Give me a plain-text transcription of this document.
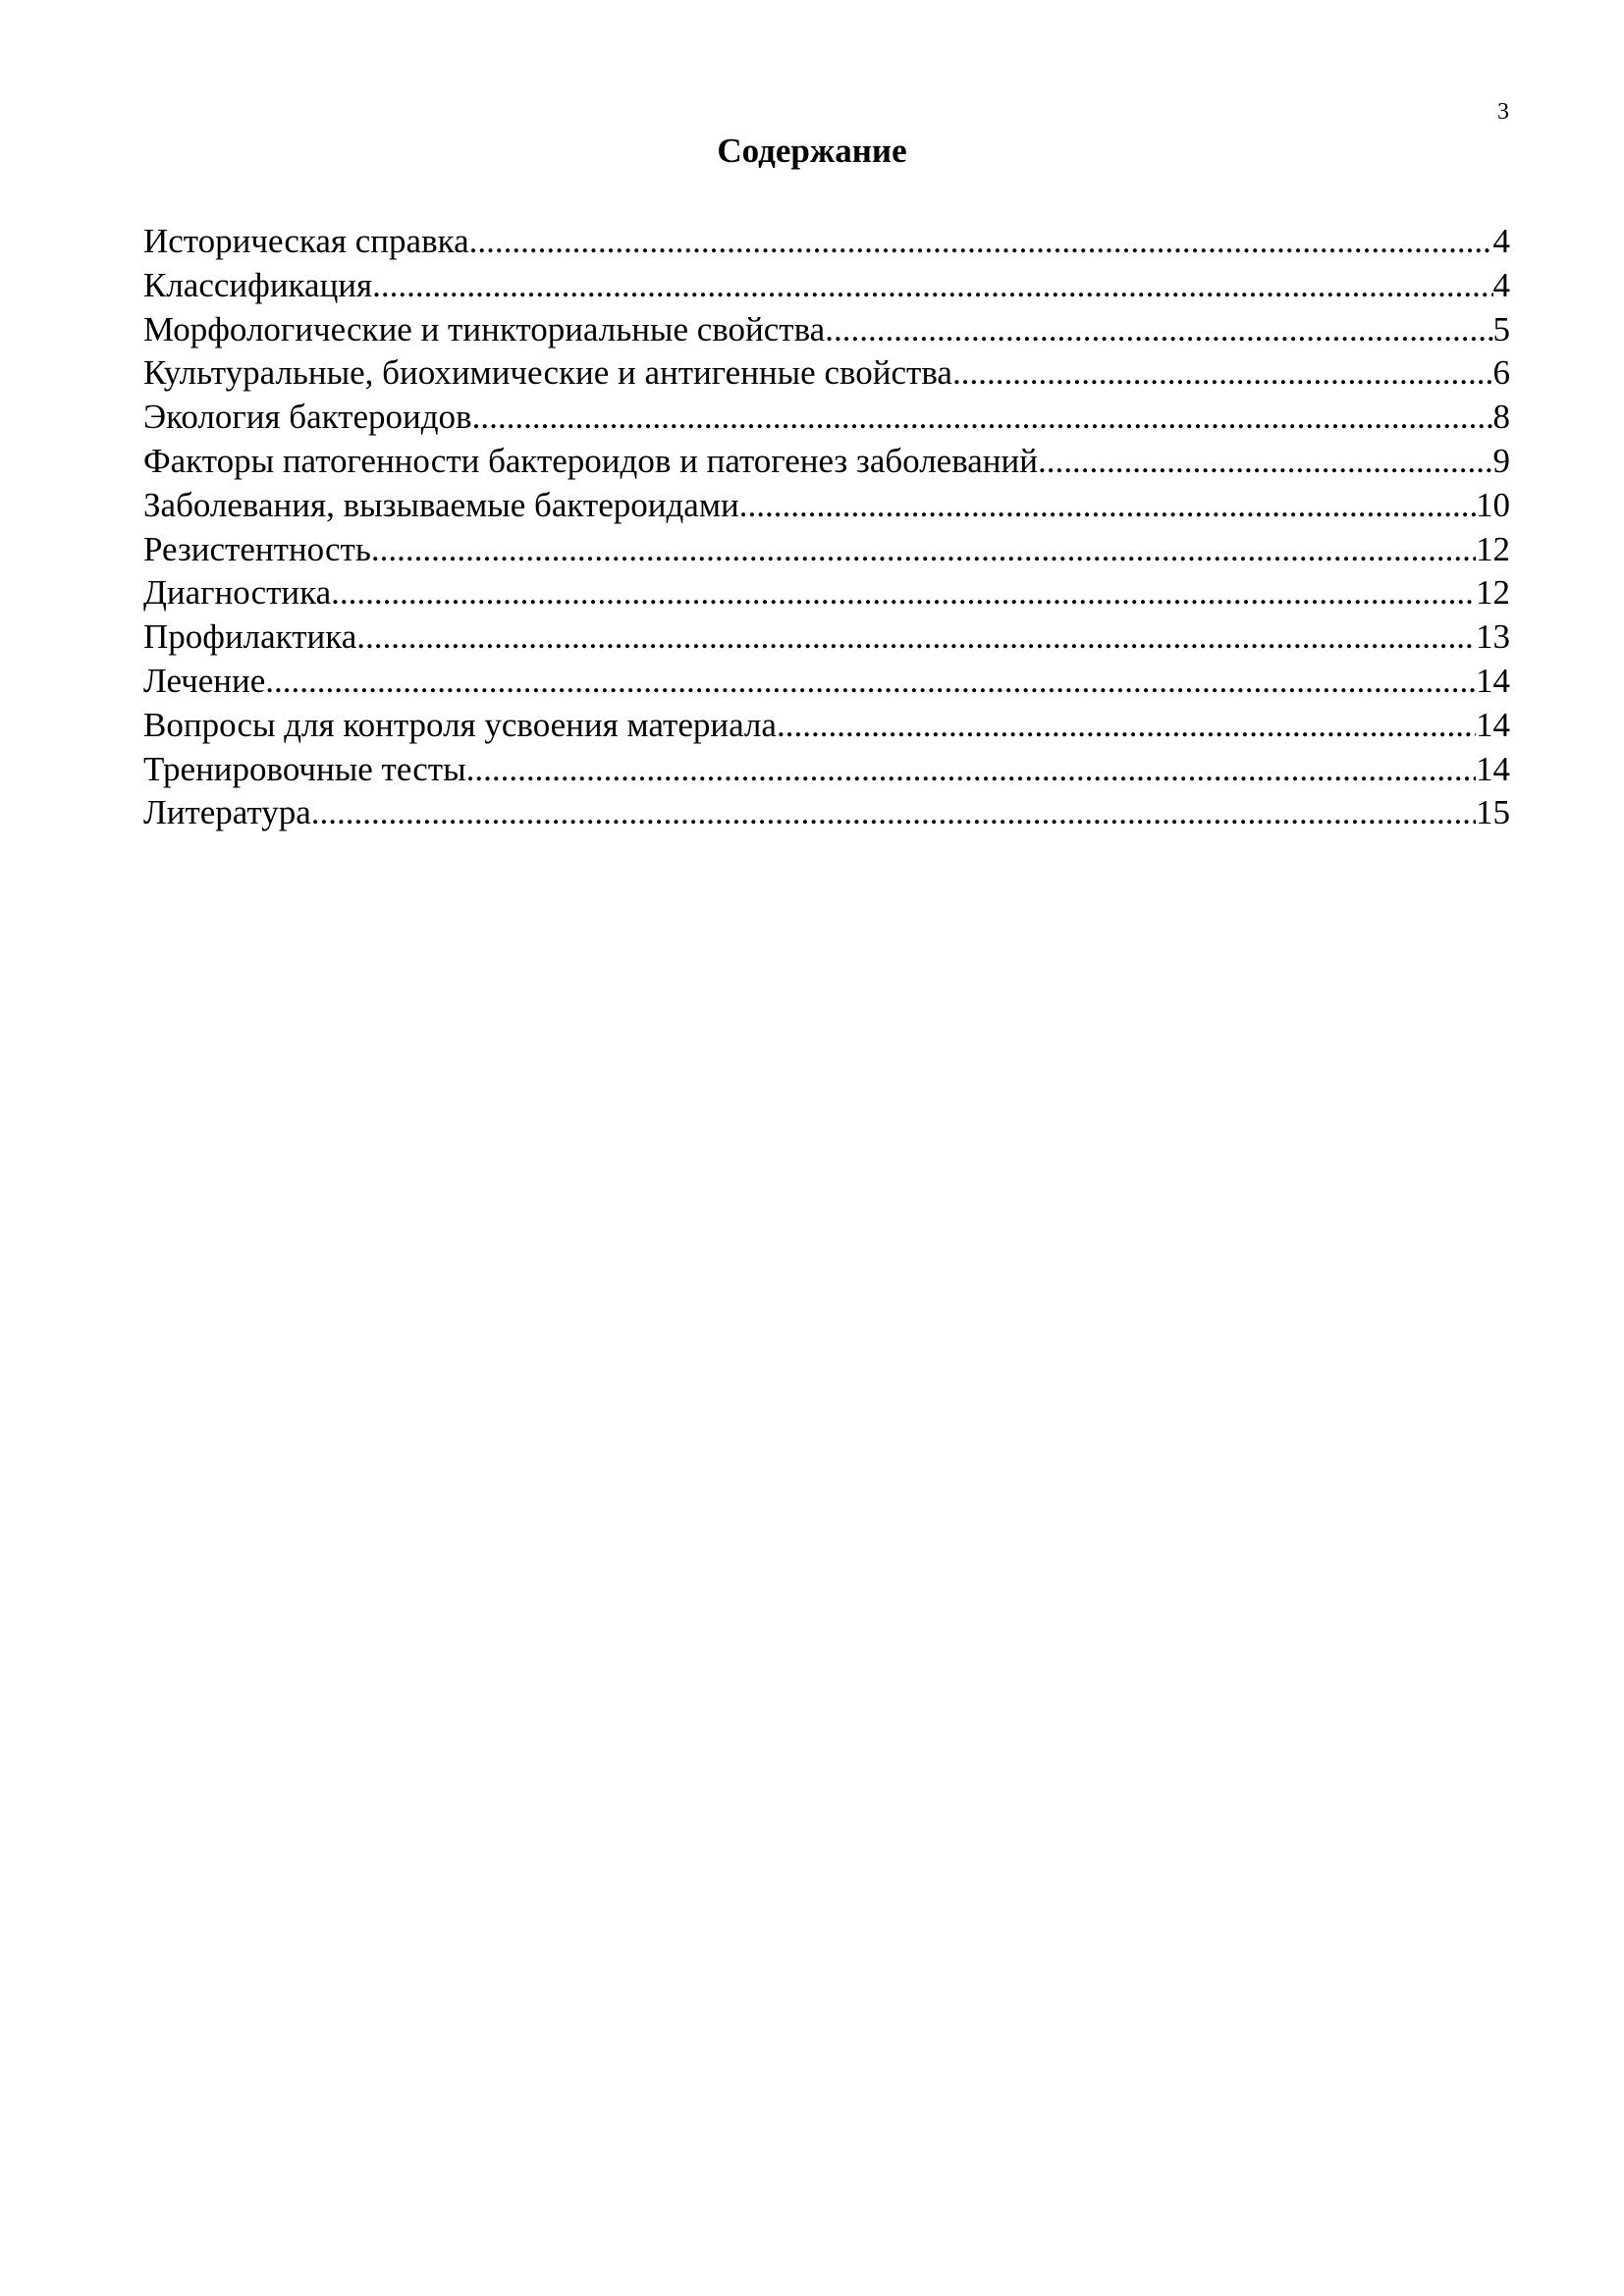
3
Содержание
Историческая справка .....	4
Классификация .....	4
Морфологические и тинкториальные свойства .....	5
Культуральные, биохимические и антигенные свойства .....	6
Экология бактероидов .....	8
Факторы патогенности бактероидов и патогенез заболеваний .....	9
Заболевания, вызываемые бактероидами .....	10
Резистентность .....	12
Диагностика .....	12
Профилактика .....	13
Лечение .....	14
Вопросы для контроля усвоения материала .....	14
Тренировочные тесты .....	14
Литература .....	15
